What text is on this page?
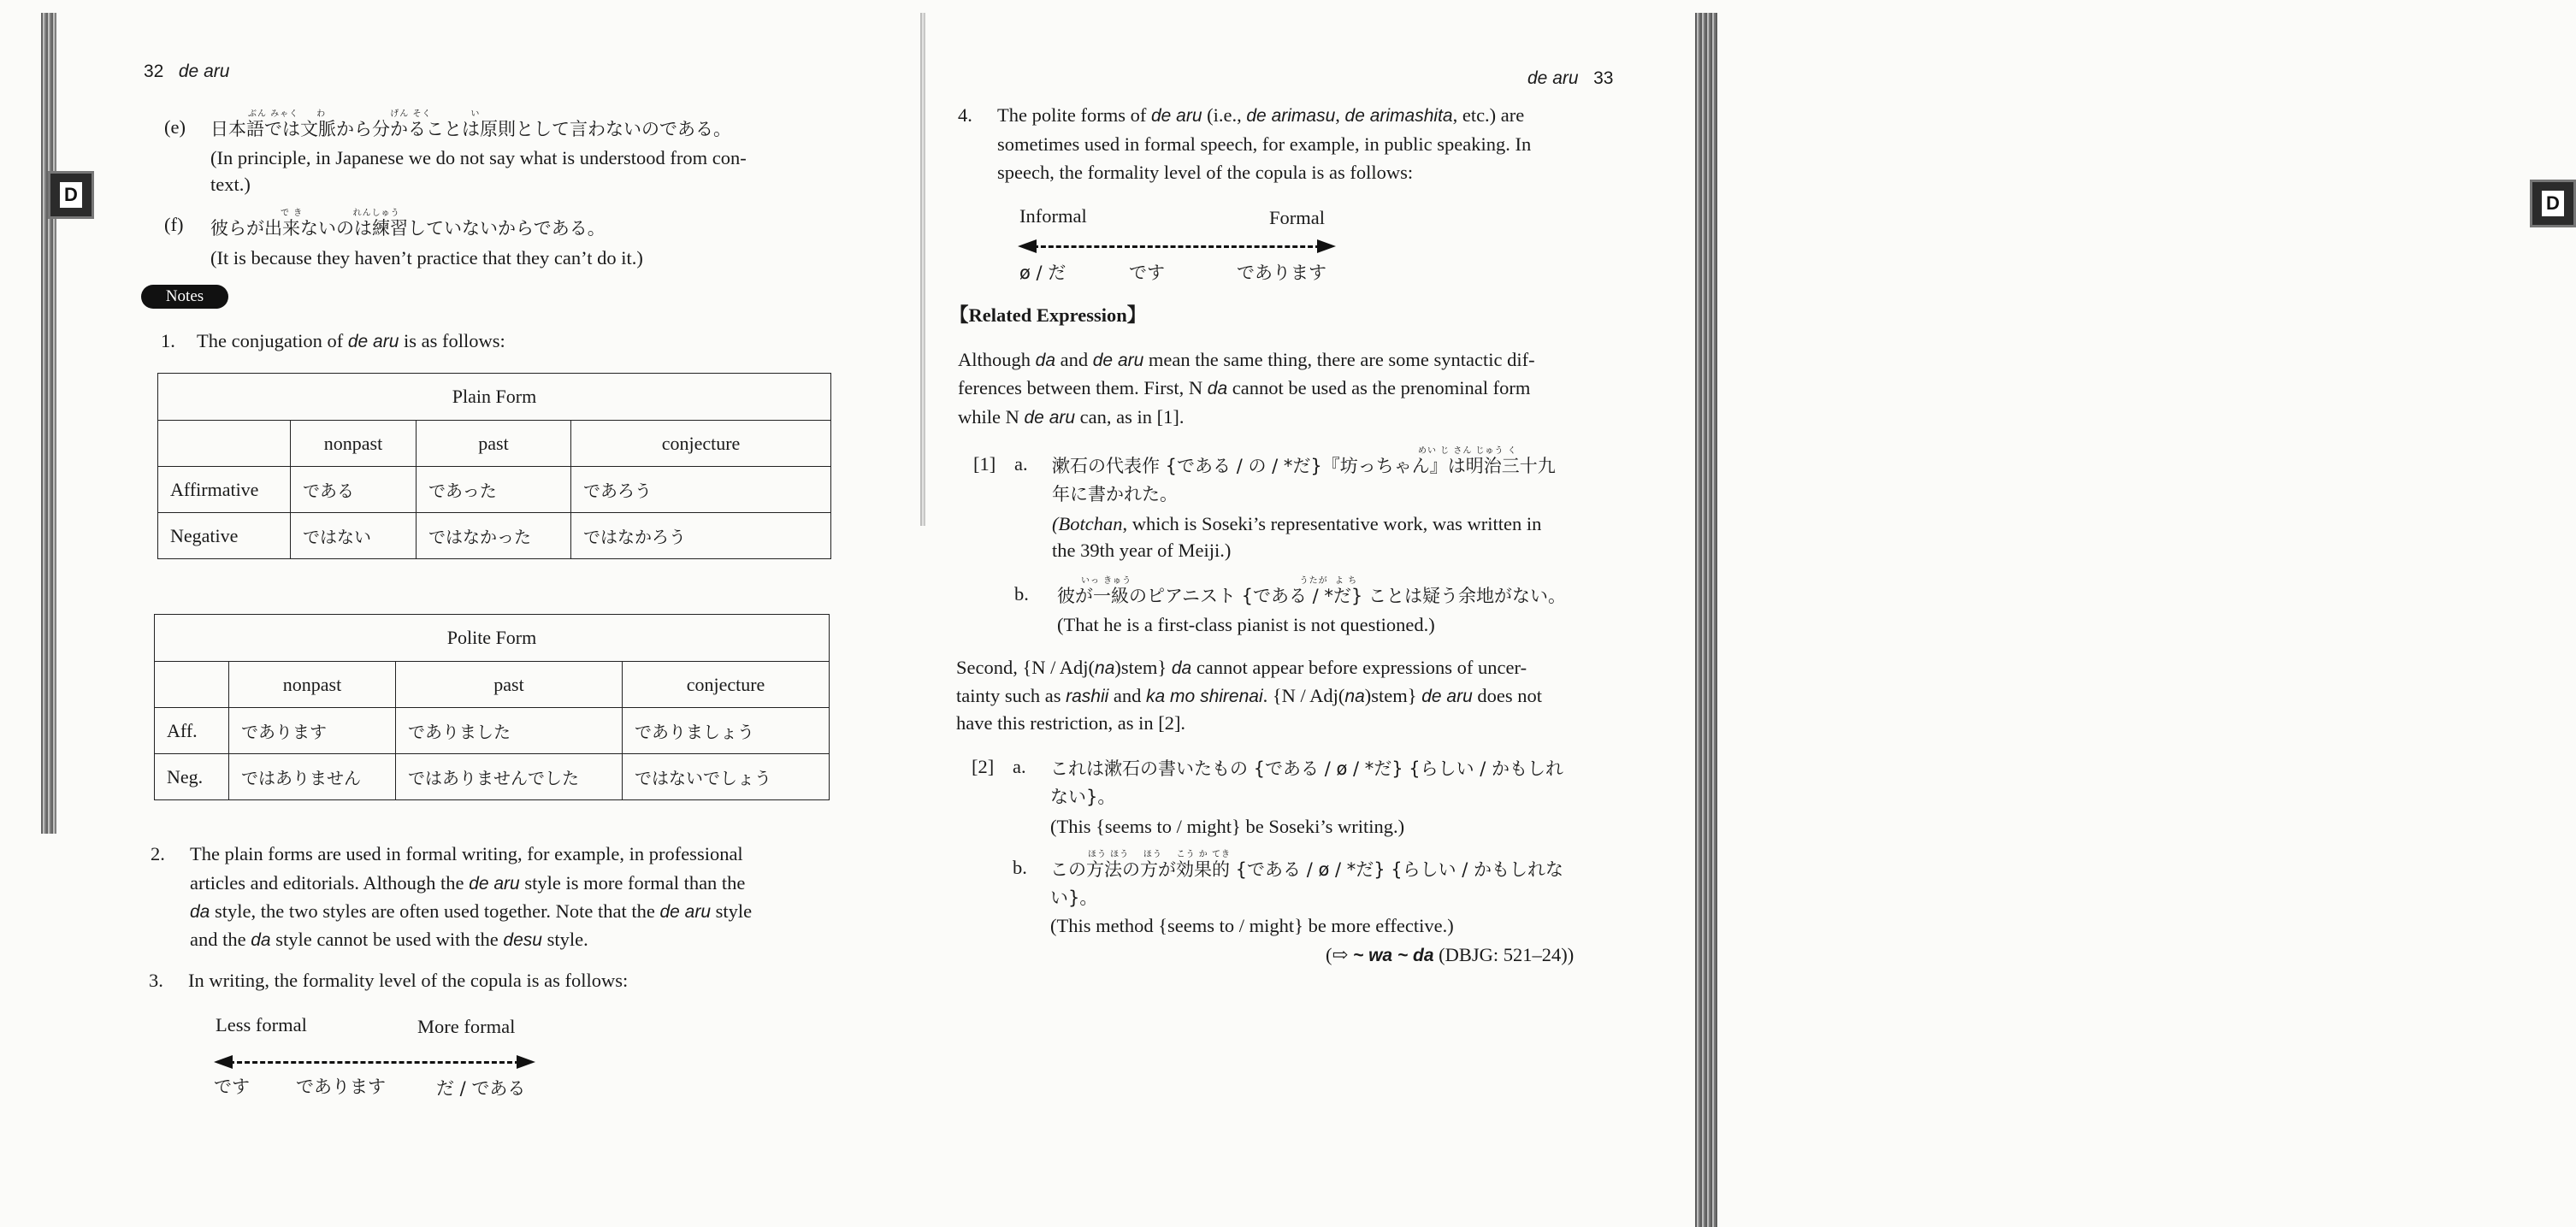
D
32 de aru
(e)
ぶん みゃく     わ                  げん そく           い
日本語では文脈から分かることは原則として言わないのである。
(In principle, in Japanese we do not say what is understood from con-
text.)
(f)
で き              れんしゅう
彼らが出来ないのは練習していないからである。
(It is because they haven’t practice that they can’t do it.)
Notes
1. The conjugation of de aru is as follows:
Plain Form			
	nonpast	past	conjecture
Affirmative	である	であった	であろう
Negative	ではない	ではなかった	ではなかろう
Polite Form			
	nonpast	past	conjecture
Aff.	であります	でありました	でありましょう
Neg.	ではありません	ではありませんでした	ではないでしょう
2. The plain forms are used in formal writing, for example, in professional
articles and editorials. Although the de aru style is more formal than the
da style, the two styles are often used together. Note that the de aru style
and the da style cannot be used with the desu style.
3. In writing, the formality level of the copula is as follows:
Less formal	More formal
です	であります	だ / である
D
de aru 33
4. The polite forms of de aru (i.e., de arimasu, de arimashita, etc.) are
sometimes used in formal speech, for example, in public speaking. In
speech, the formality level of the copula is as follows:
Informal	Formal
ø / だ	です	であります
【Related Expression】
Although da and de aru mean the same thing, there are some syntactic dif-
ferences between them. First, N da cannot be used as the prenominal form
while N de aru can, as in [1].
[1] a.
めい じ さん じゅう く
漱石の代表作 {である / の / *だ}『坊っちゃん』は明治三十九
年に書かれた。
(Botchan, which is Soseki’s representative work, was written in
the 39th year of Meiji.)
b.
いっ きゅう                                               うたが  よ ち
彼が一級のピアニスト {である / *だ} ことは疑う余地がない。
(That he is a first-class pianist is not questioned.)
Second, {N / Adj(na)stem} da cannot appear before expressions of uncer-
tainty such as rashii and ka mo shirenai. {N / Adj(na)stem} de aru does not
have this restriction, as in [2].
[2] a. これは漱石の書いたもの {である / ø / *だ} {らしい / かもしれ
ない}。
(This {seems to / might} be Soseki’s writing.)
b.
ほう ほう    ほう    こう か てき
この方法の方が効果的 {である / ø / *だ} {らしい / かもしれな
い}。
(This method {seems to / might} be more effective.)
(⇨ ~ wa ~ da (DBJG: 521–24))
